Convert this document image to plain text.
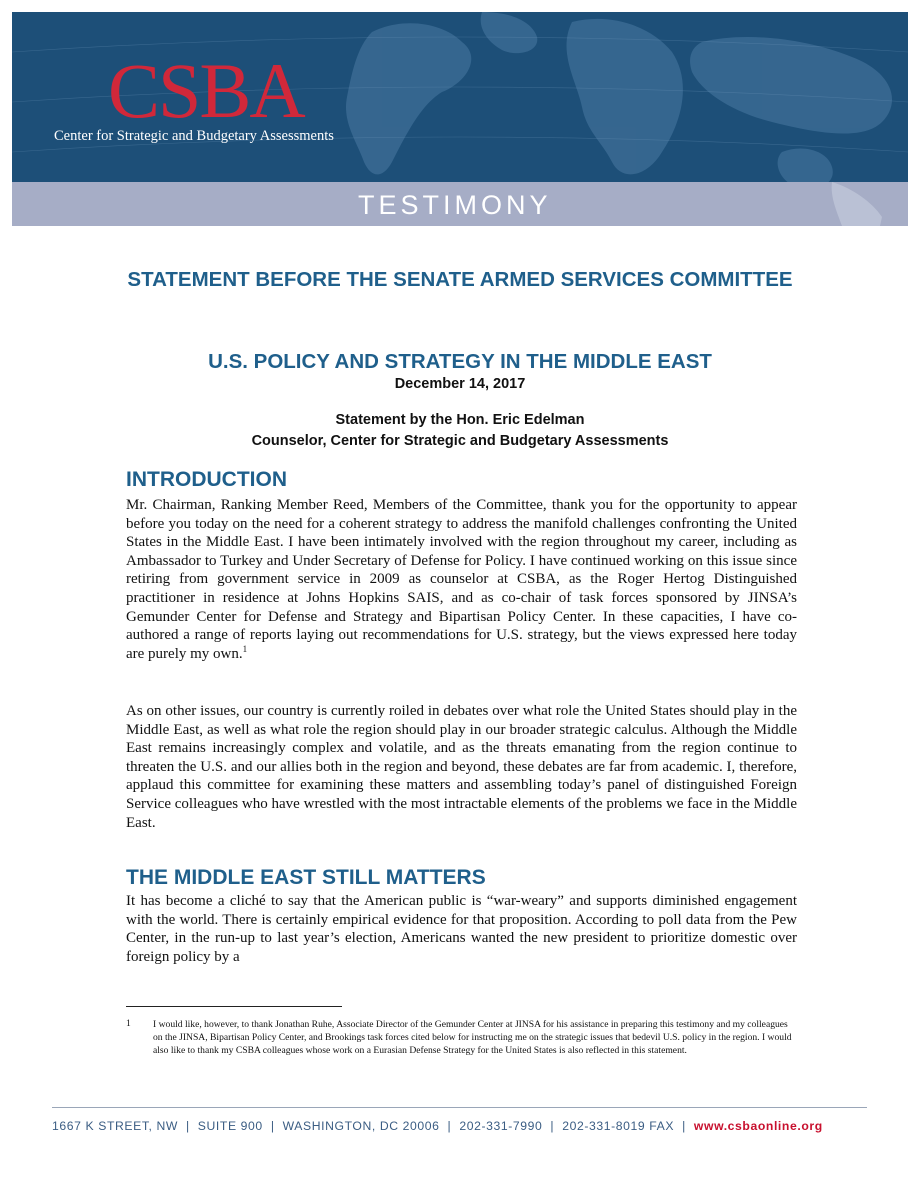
CSBA
Center for Strategic and Budgetary Assessments
TESTIMONY
STATEMENT BEFORE THE SENATE ARMED SERVICES COMMITTEE
U.S. POLICY AND STRATEGY IN THE MIDDLE EAST
December 14, 2017
Statement by the Hon. Eric Edelman
Counselor, Center for Strategic and Budgetary Assessments
INTRODUCTION
Mr. Chairman, Ranking Member Reed, Members of the Committee, thank you for the opportunity to appear before you today on the need for a coherent strategy to address the manifold challenges confronting the United States in the Middle East. I have been intimately involved with the region throughout my career, including as Ambassador to Turkey and Under Secretary of Defense for Policy. I have continued working on this issue since retiring from government service in 2009 as counselor at CSBA, as the Roger Hertog Distinguished practitioner in residence at Johns Hopkins SAIS, and as co-chair of task forces sponsored by JINSA’s Gemunder Center for Defense and Strategy and Bipartisan Policy Center. In these capacities, I have co-authored a range of reports laying out recommendations for U.S. strategy, but the views expressed here today are purely my own.$^1$
As on other issues, our country is currently roiled in debates over what role the United States should play in the Middle East, as well as what role the region should play in our broader strategic calculus. Although the Middle East remains increasingly complex and volatile, and as the threats emanating from the region continue to threaten the U.S. and our allies both in the region and beyond, these debates are far from academic. I, therefore, applaud this committee for examining these matters and assembling today’s panel of distinguished Foreign Service colleagues who have wrestled with the most intractable elements of the problems we face in the Middle East.
THE MIDDLE EAST STILL MATTERS
It has become a cliché to say that the American public is “war-weary” and supports diminished engagement with the world. There is certainly empirical evidence for that proposition. According to poll data from the Pew Center, in the run-up to last year’s election, Americans wanted the new president to prioritize domestic over foreign policy by a
1 I would like, however, to thank Jonathan Ruhe, Associate Director of the Gemunder Center at JINSA for his assistance in preparing this testimony and my colleagues on the JINSA, Bipartisan Policy Center, and Brookings task forces cited below for instructing me on the strategic issues that bedevil U.S. policy in the region. I would also like to thank my CSBA colleagues whose work on a Eurasian Defense Strategy for the United States is also reflected in this statement.
1667 K STREET, NW | SUITE 900 | WASHINGTON, DC 20006 | 202-331-7990 | 202-331-8019 FAX | www.csbaonline.org
